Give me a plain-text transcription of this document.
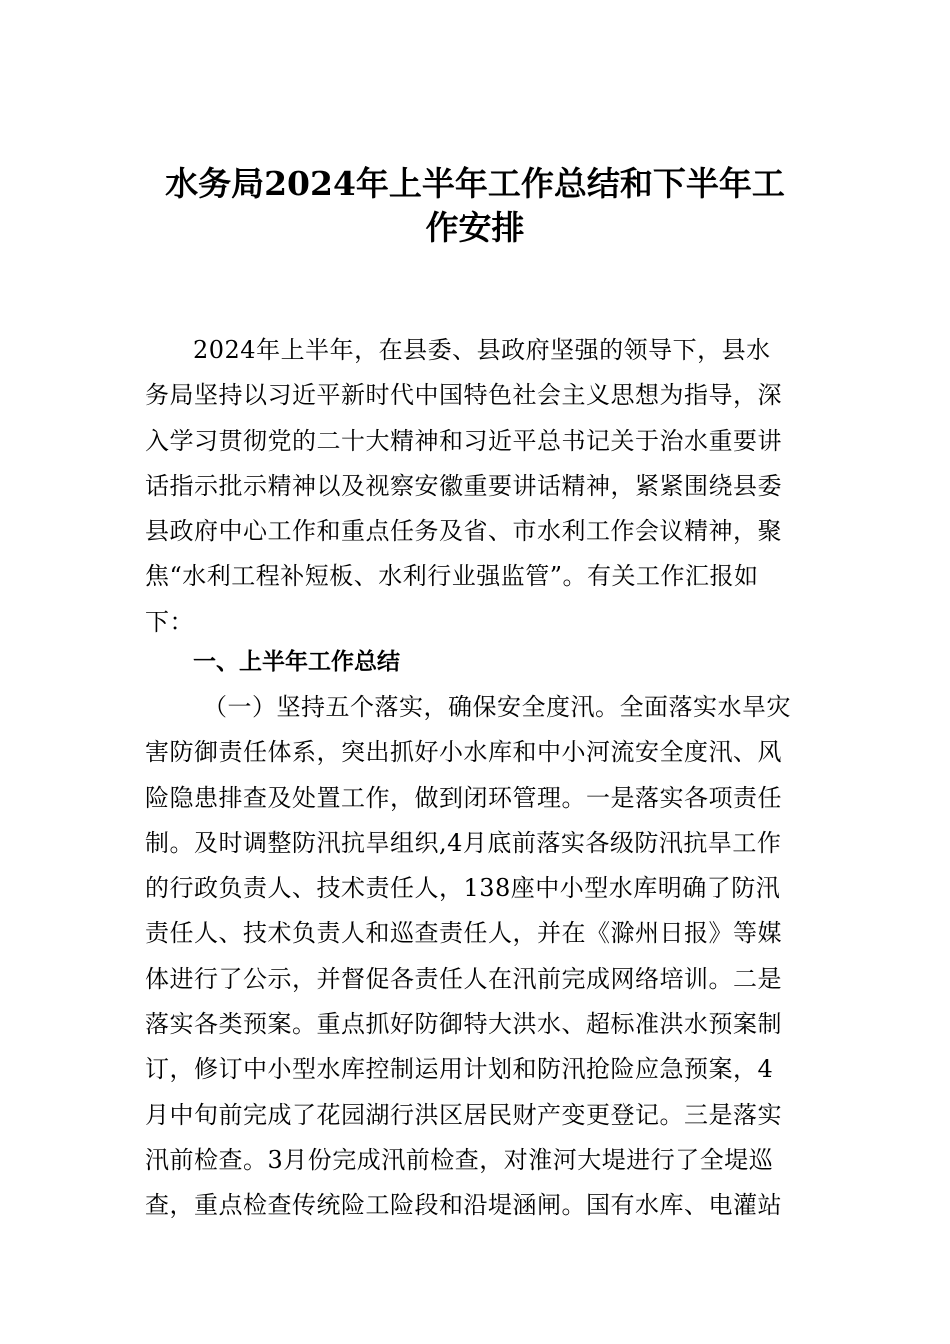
水务局2024年上半年工作总结和下半年工
作安排
2024年上半年，在县委、县政府坚强的领导下，县水
务局坚持以习近平新时代中国特色社会主义思想为指导，深
入学习贯彻党的二十大精神和习近平总书记关于治水重要讲
话指示批示精神以及视察安徽重要讲话精神，紧紧围绕县委
县政府中心工作和重点任务及省、市水利工作会议精神，聚
焦“水利工程补短板、水利行业强监管”。有关工作汇报如
下：
一、上半年工作总结
（一）坚持五个落实，确保安全度汛。全面落实水旱灾
害防御责任体系，突出抓好小水库和中小河流安全度汛、风
险隐患排查及处置工作，做到闭环管理。一是落实各项责任
制。及时调整防汛抗旱组织,4月底前落实各级防汛抗旱工作
的行政负责人、技术责任人，138座中小型水库明确了防汛
责任人、技术负责人和巡查责任人，并在《滁州日报》等媒
体进行了公示，并督促各责任人在汛前完成网络培训。二是
落实各类预案。重点抓好防御特大洪水、超标准洪水预案制
订，修订中小型水库控制运用计划和防汛抢险应急预案，4
月中旬前完成了花园湖行洪区居民财产变更登记。三是落实
汛前检查。3月份完成汛前检查，对淮河大堤进行了全堤巡
查，重点检查传统险工险段和沿堤涵闸。国有水库、电灌站
